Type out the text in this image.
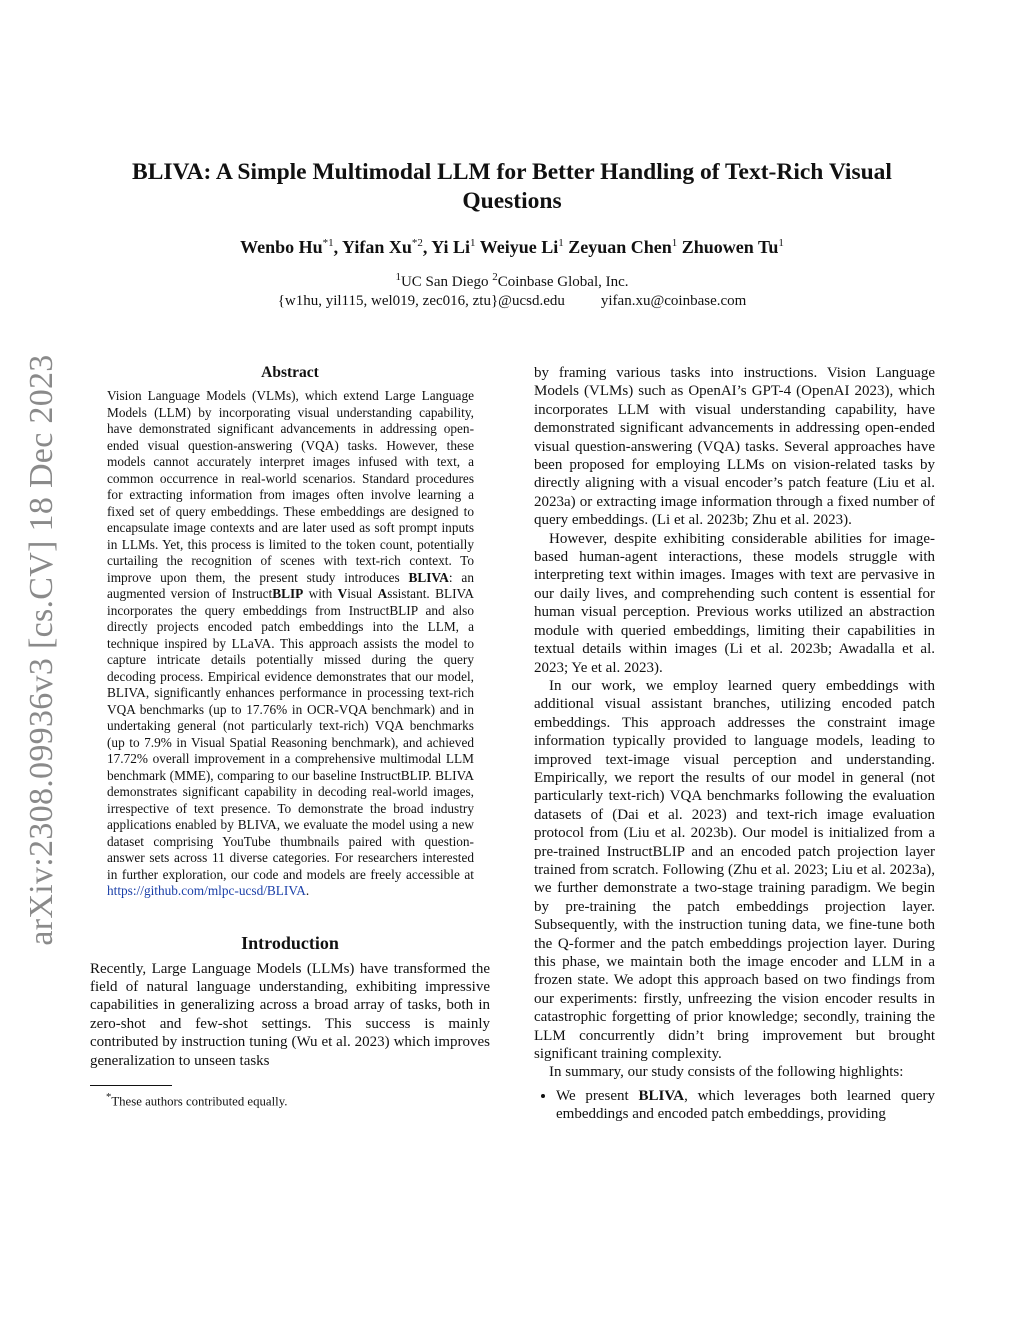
arXiv:2308.09936v3 [cs.CV] 18 Dec 2023
BLIVA: A Simple Multimodal LLM for Better Handling of Text-Rich Visual Questions
Wenbo Hu$^{*1}$, Yifan Xu$^{*2}$, Yi Li$^1$ Weiyue Li$^1$ Zeyuan Chen$^1$ Zhuowen Tu$^1$
$^1$UC San Diego $^2$Coinbase Global, Inc.
{w1hu, yil115, wel019, zec016, ztu}@ucsd.edu yifan.xu@coinbase.com
Abstract

Vision Language Models (VLMs), which extend Large Language Models (LLM) by incorporating visual understanding capability, have demonstrated significant advancements in addressing open-ended visual question-answering (VQA) tasks. However, these models cannot accurately interpret images infused with text, a common occurrence in real-world scenarios. Standard procedures for extracting information from images often involve learning a fixed set of query embeddings. These embeddings are designed to encapsulate image contexts and are later used as soft prompt inputs in LLMs. Yet, this process is limited to the token count, potentially curtailing the recognition of scenes with text-rich context. To improve upon them, the present study introduces BLIVA: an augmented version of InstructBLIP with Visual Assistant. BLIVA incorporates the query embeddings from InstructBLIP and also directly projects encoded patch embeddings into the LLM, a technique inspired by LLaVA. This approach assists the model to capture intricate details potentially missed during the query decoding process. Empirical evidence demonstrates that our model, BLIVA, significantly enhances performance in processing text-rich VQA benchmarks (up to 17.76% in OCR-VQA benchmark) and in undertaking general (not particularly text-rich) VQA benchmarks (up to 7.9% in Visual Spatial Reasoning benchmark), and achieved 17.72% overall improvement in a comprehensive multimodal LLM benchmark (MME), comparing to our baseline InstructBLIP. BLIVA demonstrates significant capability in decoding real-world images, irrespective of text presence. To demonstrate the broad industry applications enabled by BLIVA, we evaluate the model using a new dataset comprising YouTube thumbnails paired with question-answer sets across 11 diverse categories. For researchers interested in further exploration, our code and models are freely accessible at https://github.com/mlpc-ucsd/BLIVA.

Introduction

Recently, Large Language Models (LLMs) have transformed the field of natural language understanding, exhibiting impressive capabilities in generalizing across a broad array of tasks, both in zero-shot and few-shot settings. This success is mainly contributed by instruction tuning (Wu et al. 2023) which improves generalization to unseen tasks

*These authors contributed equally.

by framing various tasks into instructions. Vision Language Models (VLMs) such as OpenAI’s GPT-4 (OpenAI 2023), which incorporates LLM with visual understanding capability, have demonstrated significant advancements in addressing open-ended visual question-answering (VQA) tasks. Several approaches have been proposed for employing LLMs on vision-related tasks by directly aligning with a visual encoder’s patch feature (Liu et al. 2023a) or extracting image information through a fixed number of query embeddings. (Li et al. 2023b; Zhu et al. 2023).

However, despite exhibiting considerable abilities for image-based human-agent interactions, these models struggle with interpreting text within images. Images with text are pervasive in our daily lives, and comprehending such content is essential for human visual perception. Previous works utilized an abstraction module with queried embeddings, limiting their capabilities in textual details within images (Li et al. 2023b; Awadalla et al. 2023; Ye et al. 2023).

In our work, we employ learned query embeddings with additional visual assistant branches, utilizing encoded patch embeddings. This approach addresses the constraint image information typically provided to language models, leading to improved text-image visual perception and understanding. Empirically, we report the results of our model in general (not particularly text-rich) VQA benchmarks following the evaluation datasets of (Dai et al. 2023) and text-rich image evaluation protocol from (Liu et al. 2023b). Our model is initialized from a pre-trained InstructBLIP and an encoded patch projection layer trained from scratch. Following (Zhu et al. 2023; Liu et al. 2023a), we further demonstrate a two-stage training paradigm. We begin by pre-training the patch embeddings projection layer. Subsequently, with the instruction tuning data, we fine-tune both the Q-former and the patch embeddings projection layer. During this phase, we maintain both the image encoder and LLM in a frozen state. We adopt this approach based on two findings from our experiments: firstly, unfreezing the vision encoder results in catastrophic forgetting of prior knowledge; secondly, training the LLM concurrently didn’t bring improvement but brought significant training complexity.

In summary, our study consists of the following highlights:

• We present BLIVA, which leverages both learned query embeddings and encoded patch embeddings, providing
